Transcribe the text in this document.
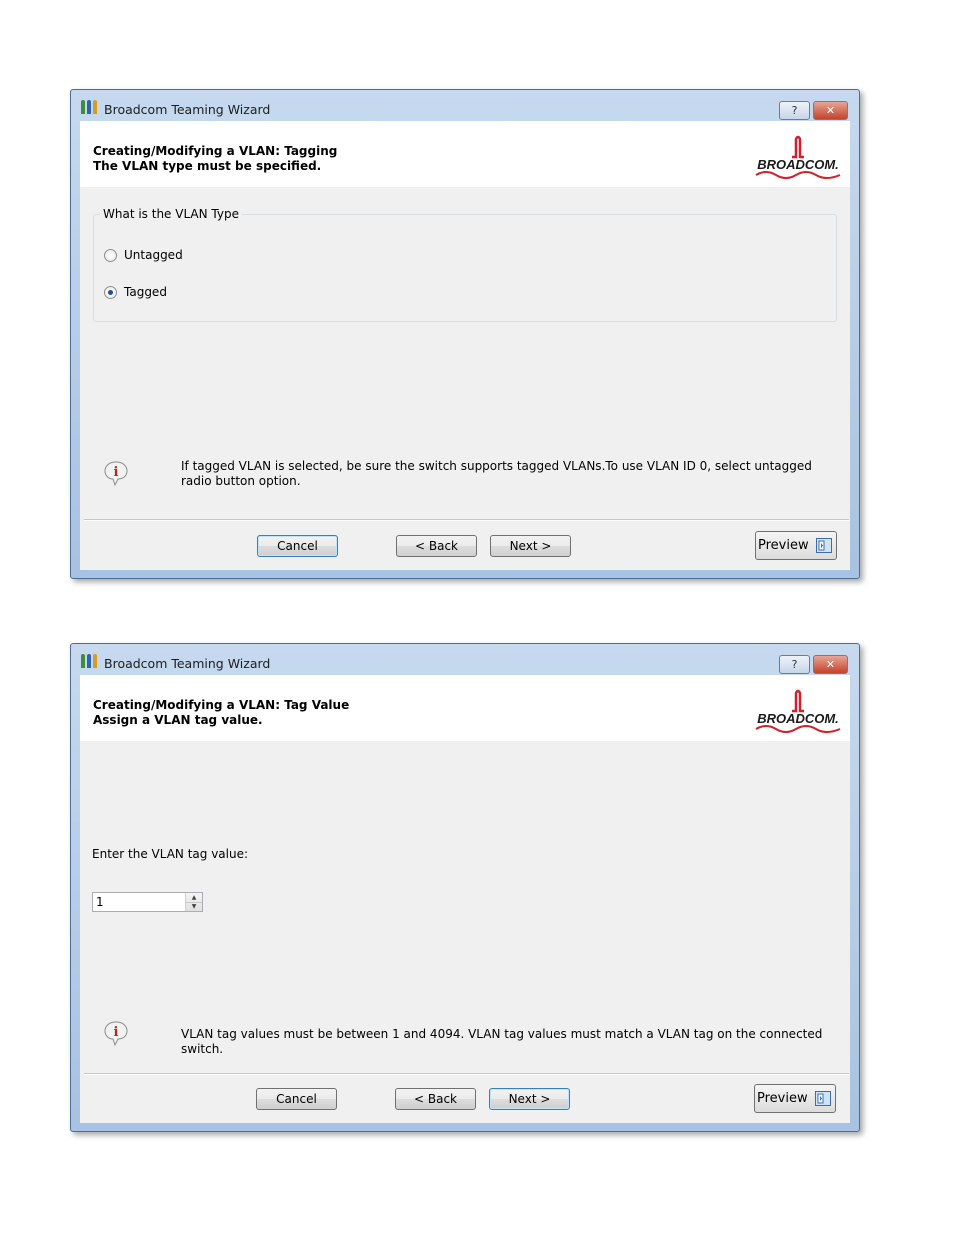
Broadcom Teaming Wizard	?	✕
Creating/Modifying a VLAN: Tagging
The VLAN type must be specified.	BROADCOM.
What is the VLAN Type
Untagged
Tagged
i	If tagged VLAN is selected, be sure the switch supports tagged VLANs.To use VLAN ID 0, select untagged radio button option.
Cancel	< Back	Next >	Preview
Broadcom Teaming Wizard	?	✕
Creating/Modifying a VLAN: Tag Value
Assign a VLAN tag value.	BROADCOM.
Enter the VLAN tag value:
1	▲
▼
i	VLAN tag values must be between 1 and 4094. VLAN tag values must match a VLAN tag on the connected switch.
Cancel	< Back	Next >	Preview
